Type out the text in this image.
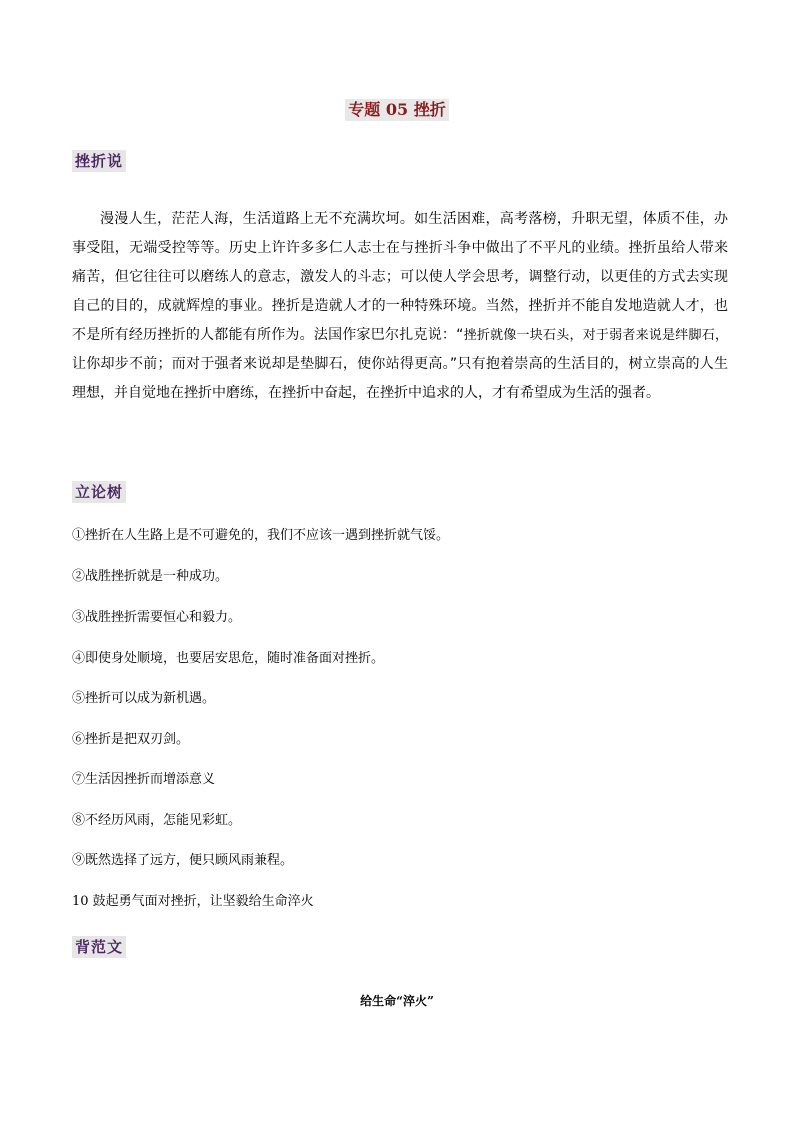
专题 05 挫折
挫折说

漫漫人生，茫茫人海，生活道路上无不充满坎坷。如生活困难，高考落榜，升职无望，体质不佳，办事受阻，无端受控等等。历史上许许多多仁人志士在与挫折斗争中做出了不平凡的业绩。挫折虽给人带来痛苦，但它往往可以磨练人的意志，激发人的斗志；可以使人学会思考，调整行动，以更佳的方式去实现自己的目的，成就辉煌的事业。挫折是造就人才的一种特殊环境。当然，挫折并不能自发地造就人才，也不是所有经历挫折的人都能有所作为。法国作家巴尔扎克说：“挫折就像一块石头，对于弱者来说是绊脚石，让你却步不前；而对于强者来说却是垫脚石，使你站得更高。”只有抱着崇高的生活目的，树立崇高的人生理想，并自觉地在挫折中磨练，在挫折中奋起，在挫折中追求的人，才有希望成为生活的强者。

立论树
①挫折在人生路上是不可避免的，我们不应该一遇到挫折就气馁。
②战胜挫折就是一种成功。
③战胜挫折需要恒心和毅力。
④即使身处顺境，也要居安思危，随时准备面对挫折。
⑤挫折可以成为新机遇。
⑥挫折是把双刃剑。
⑦生活因挫折而增添意义
⑧不经历风雨，怎能见彩虹。
⑨既然选择了远方，便只顾风雨兼程。
10 鼓起勇气面对挫折，让坚毅给生命淬火
背范文
给生命“淬火”
